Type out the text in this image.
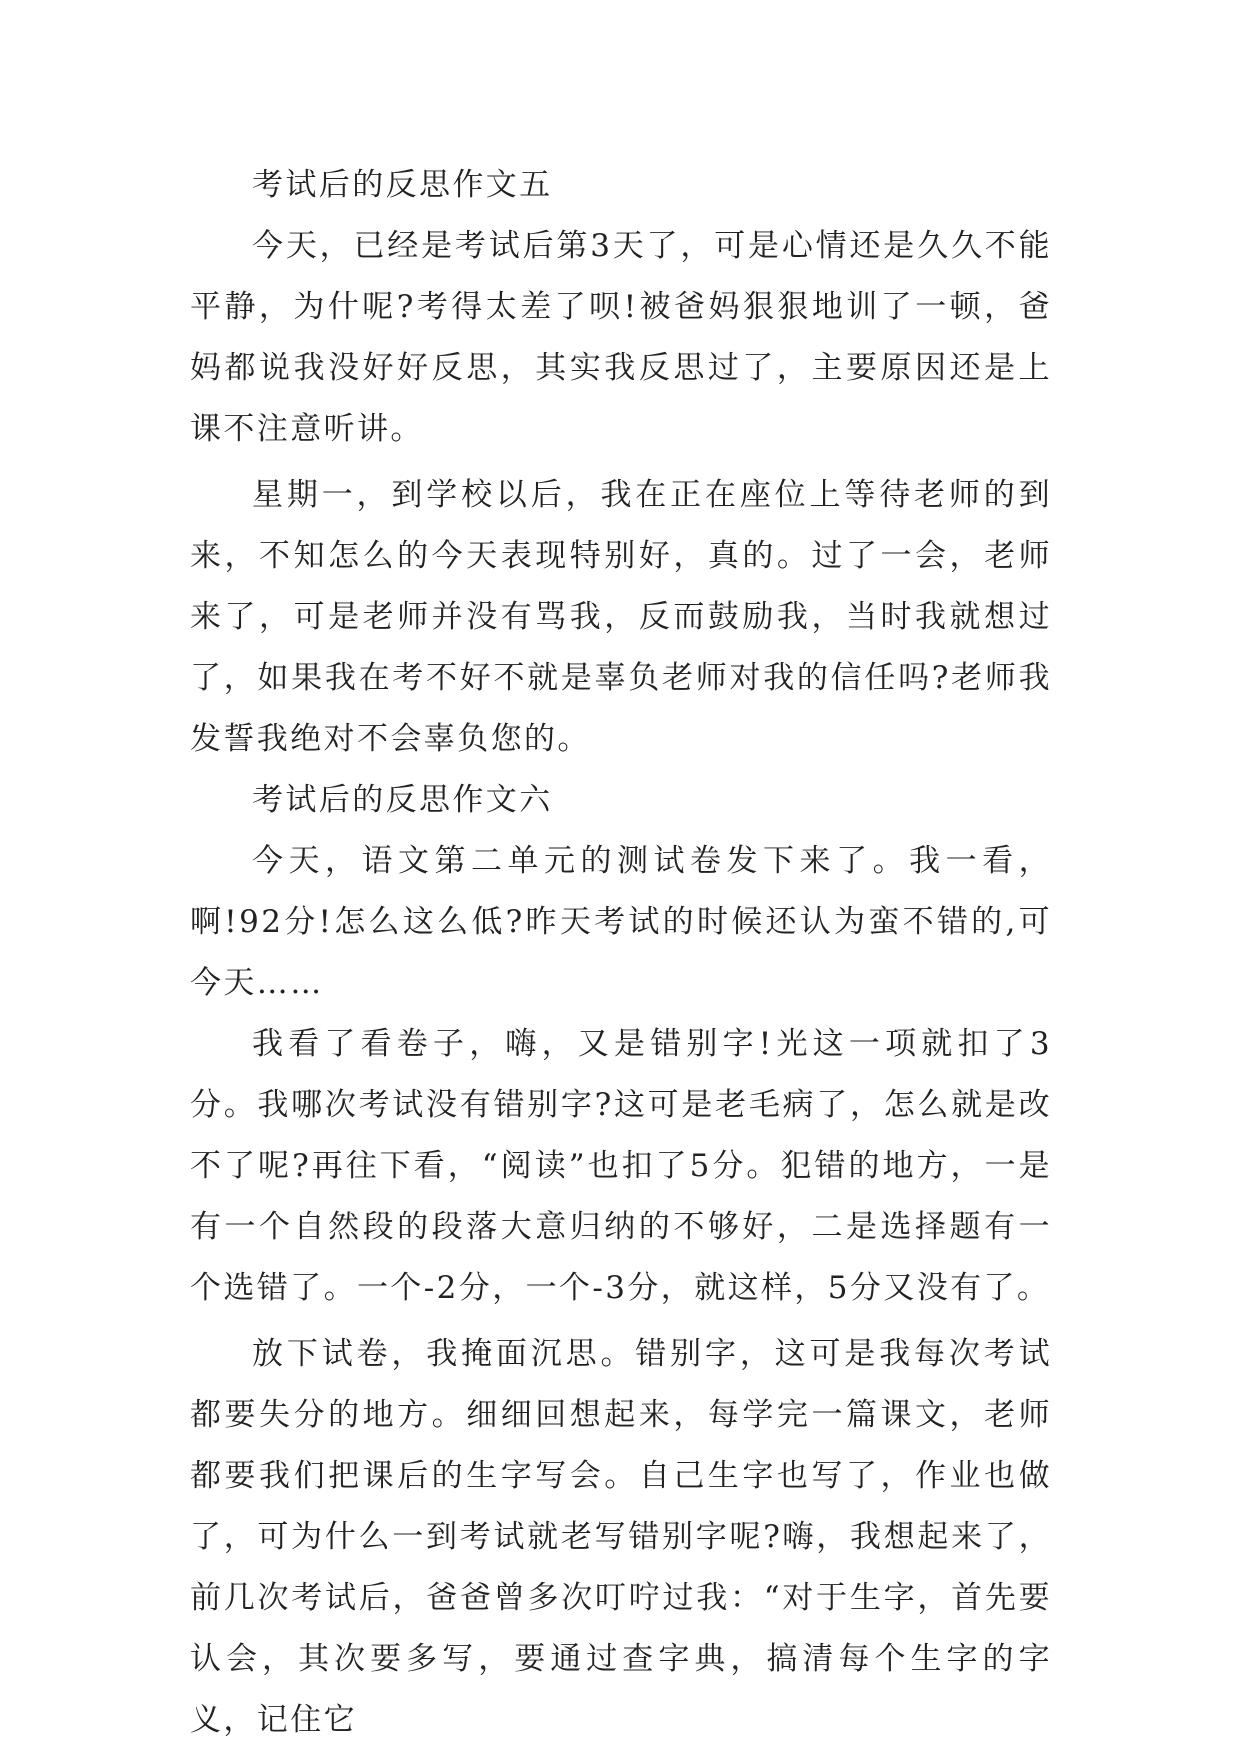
考试后的反思作文五

今天，已经是考试后第3天了，可是心情还是久久不能平静，为什呢?考得太差了呗!被爸妈狠狠地训了一顿，爸妈都说我没好好反思，其实我反思过了，主要原因还是上课不注意听讲。

星期一，到学校以后，我在正在座位上等待老师的到来，不知怎么的今天表现特别好，真的。过了一会，老师来了，可是老师并没有骂我，反而鼓励我，当时我就想过了，如果我在考不好不就是辜负老师对我的信任吗?老师我发誓我绝对不会辜负您的。

考试后的反思作文六

今天，语文第二单元的测试卷发下来了。我一看，啊!92分!怎么这么低?昨天考试的时候还认为蛮不错的,可今天……

我看了看卷子，嗨，又是错别字!光这一项就扣了3分。我哪次考试没有错别字?这可是老毛病了，怎么就是改不了呢?再往下看，“阅读”也扣了5分。犯错的地方，一是有一个自然段的段落大意归纳的不够好，二是选择题有一个选错了。一个-2分，一个-3分，就这样，5分又没有了。

放下试卷，我掩面沉思。错别字，这可是我每次考试都要失分的地方。细细回想起来，每学完一篇课文，老师都要我们把课后的生字写会。自己生字也写了，作业也做了，可为什么一到考试就老写错别字呢?嗨，我想起来了，前几次考试后，爸爸曾多次叮咛过我：“对于生字，首先要认会，其次要多写，要通过查字典，搞清每个生字的字义，记住它
